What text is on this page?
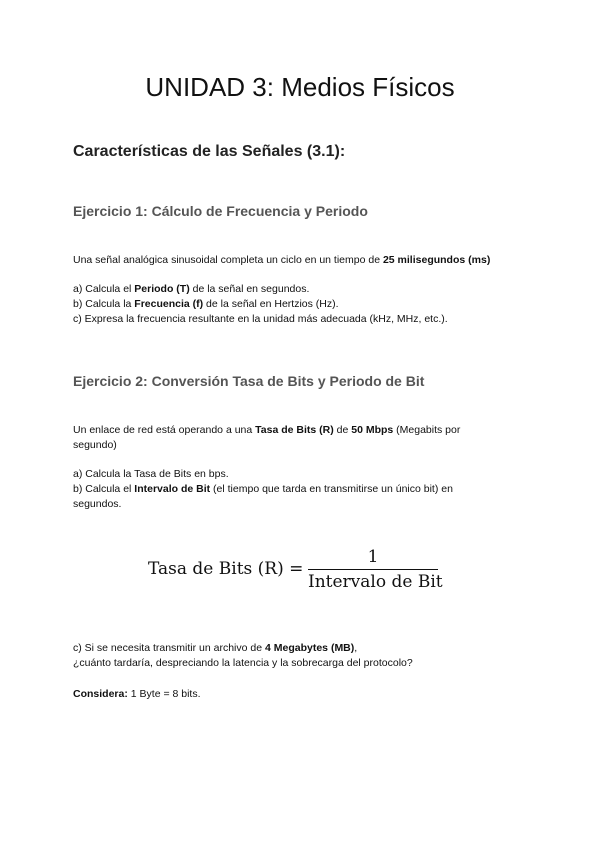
UNIDAD 3: Medios Físicos
Características de las Señales (3.1):
Ejercicio 1: Cálculo de Frecuencia y Periodo

Una señal analógica sinusoidal completa un ciclo en un tiempo de 25 milisegundos (ms)

a) Calcula el Periodo (T) de la señal en segundos.

b) Calcula la Frecuencia (f) de la señal en Hertzios (Hz).

c) Expresa la frecuencia resultante en la unidad más adecuada (kHz, MHz, etc.).

Ejercicio 2: Conversión Tasa de Bits y Periodo de Bit

Un enlace de red está operando a una Tasa de Bits (R) de 50 Mbps (Megabits por segundo)

a) Calcula la Tasa de Bits en bps.

b) Calcula el Intervalo de Bit (el tiempo que tarda en transmitirse un único bit) en segundos.

Tasa de Bits (R) =
1
Intervalo de Bit

c) Si se necesita transmitir un archivo de 4 Megabytes (MB),

¿cuánto tardaría, despreciando la latencia y la sobrecarga del protocolo?

Considera: 1 Byte = 8 bits.
